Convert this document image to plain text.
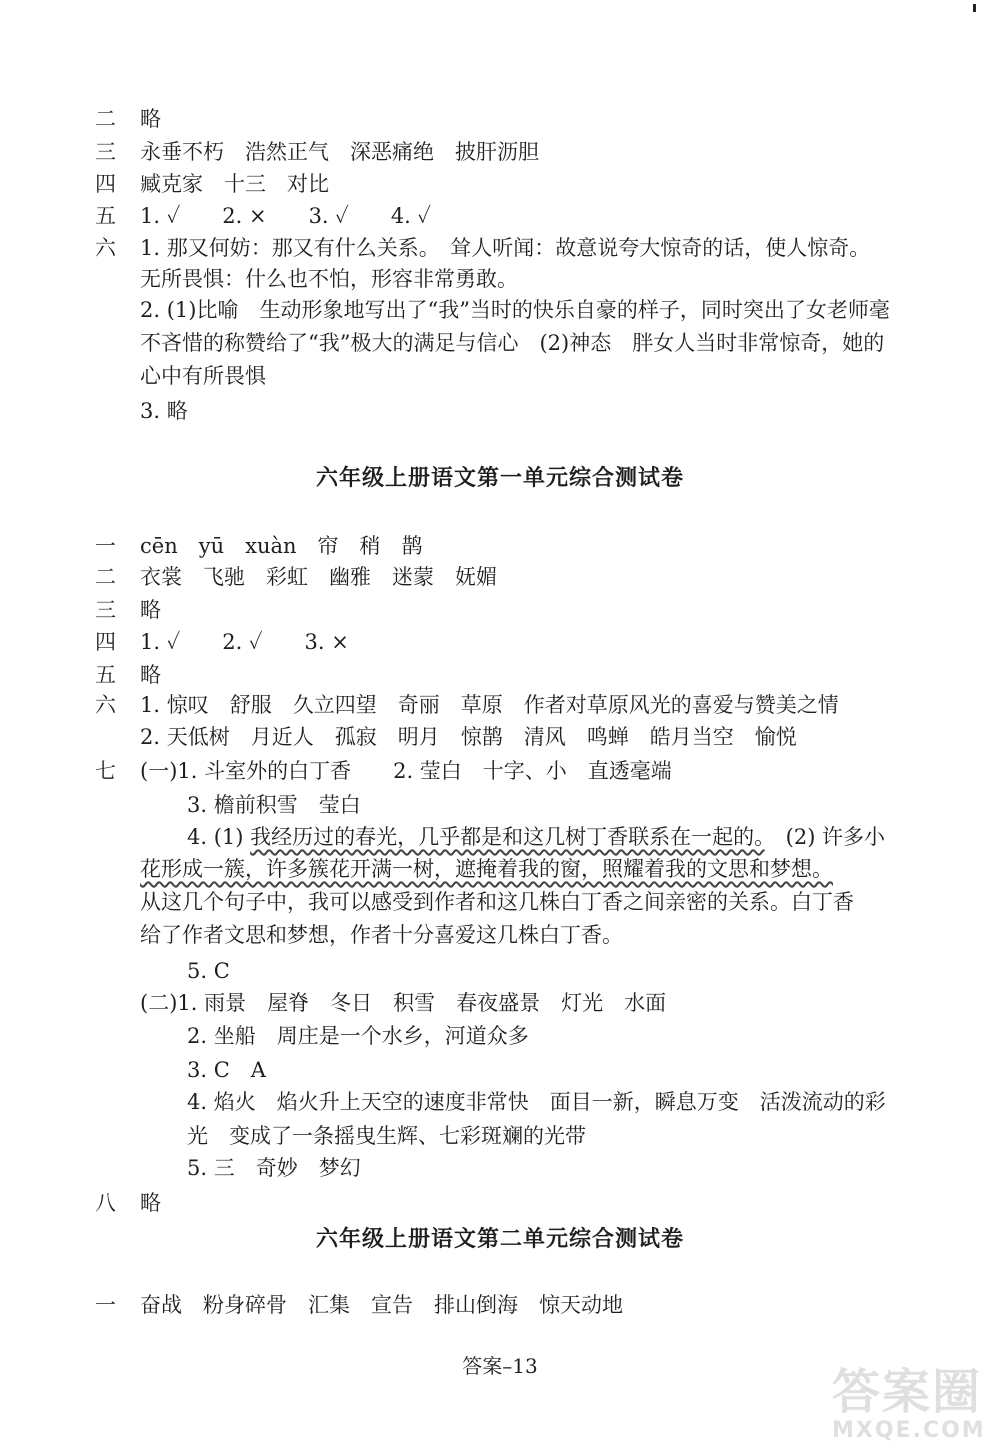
二　 略
三　 永垂不朽　浩然正气　深恶痛绝　披肝沥胆
四　 臧克家　十三　对比
五　 1. ✓　　2. ×　　3. ✓　　4. ✓
六　 1. 那又何妨：那又有什么关系。　耸人听闻：故意说夸大惊奇的话，使人惊奇。
无所畏惧：什么也不怕，形容非常勇敢。
2. (1)比喻　生动形象地写出了“我”当时的快乐自豪的样子，同时突出了女老师毫
不吝惜的称赞给了“我”极大的满足与信心　(2)神态　胖女人当时非常惊奇，她的
心中有所畏惧
3. 略
六年级上册语文第一单元综合测试卷
一　 cēn　yū　xuàn　帘　稍　鹊
二　 衣裳　飞驰　彩虹　幽雅　迷蒙　妩媚
三　 略
四　 1. ✓　　2. ✓　　3. ×
五　 略
六　 1. 惊叹　舒服　久立四望　奇丽　草原　作者对草原风光的喜爱与赞美之情
2. 天低树　月近人　孤寂　明月　惊鹊　清风　鸣蝉　皓月当空　愉悦
七　 (一)1. 斗室外的白丁香　　2. 莹白　十字、小　直透毫端
3. 檐前积雪　莹白
4. (1) 我经历过的春光，几乎都是和这几树丁香联系在一起的。　(2) 许多小
花形成一簇，许多簇花开满一树，遮掩着我的窗，照耀着我的文思和梦想。
从这几个句子中，我可以感受到作者和这几株白丁香之间亲密的关系。白丁香
给了作者文思和梦想，作者十分喜爱这几株白丁香。
5. C
(二)1. 雨景　屋脊　冬日　积雪　春夜盛景　灯光　水面
2. 坐船　周庄是一个水乡，河道众多
3. C　A
4. 焰火　焰火升上天空的速度非常快　面目一新，瞬息万变　活泼流动的彩
光　变成了一条摇曳生辉、七彩斑斓的光带
5. 三　奇妙　梦幻
八　 略
六年级上册语文第二单元综合测试卷
一　 奋战　粉身碎骨　汇集　宣告　排山倒海　惊天动地
答案–13	答案圈
MXQE.COM
